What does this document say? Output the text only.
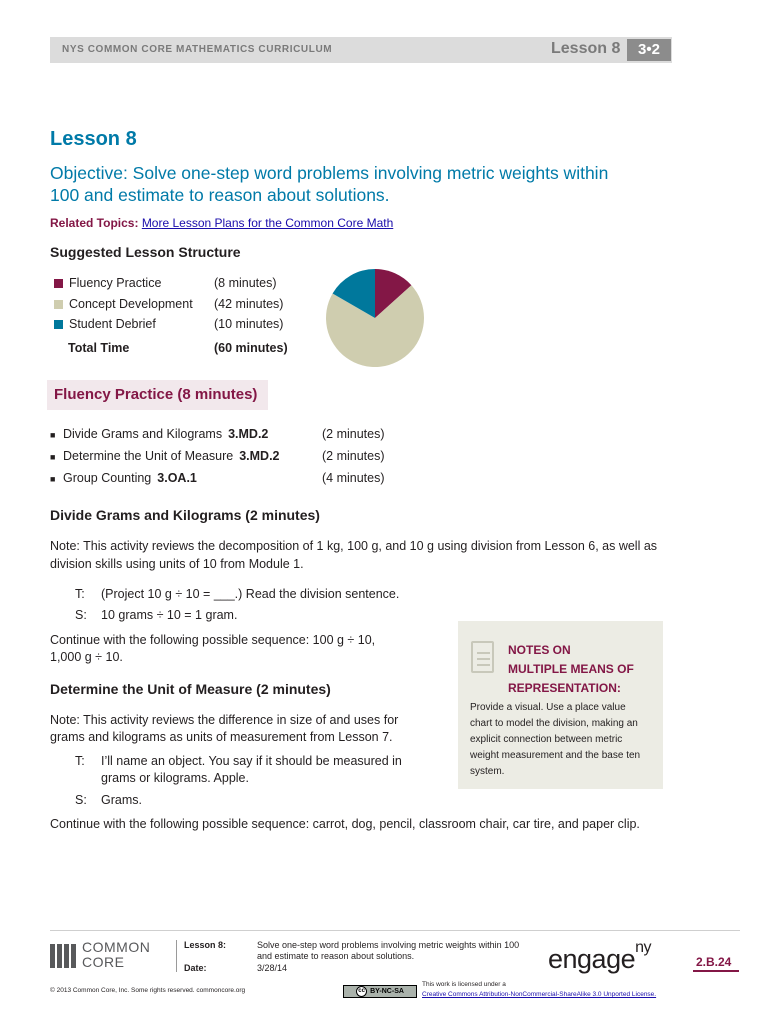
NYS COMMON CORE MATHEMATICS CURRICULUM	Lesson 8	3•2
Lesson 8
Objective: Solve one-step word problems involving metric weights within
100 and estimate to reason about solutions.
Related Topics: More Lesson Plans for the Common Core Math
Suggested Lesson Structure
Fluency Practice	(8 minutes)
Concept Development	(42 minutes)
Student Debrief	(10 minutes)
Total Time	(60 minutes)
Fluency Practice (8 minutes)
■ Divide Grams and Kilograms 3.MD.2	(2 minutes)
■ Determine the Unit of Measure 3.MD.2	(2 minutes)
■ Group Counting 3.OA.1	(4 minutes)
Divide Grams and Kilograms (2 minutes)
Note: This activity reviews the decomposition of 1 kg, 100 g, and 10 g using division from Lesson 6, as well as
division skills using units of 10 from Module 1.
T: (Project 10 g ÷ 10 = ___.) Read the division sentence.
S: 10 grams ÷ 10 = 1 gram.
Continue with the following possible sequence: 100 g ÷ 10,
1,000 g ÷ 10.
Determine the Unit of Measure (2 minutes)
Note: This activity reviews the difference in size of and uses for
grams and kilograms as units of measurement from Lesson 7.
T: I’ll name an object. You say if it should be measured in
grams or kilograms. Apple.
S: Grams.
Continue with the following possible sequence: carrot, dog, pencil, classroom chair, car tire, and paper clip.
NOTES ON
MULTIPLE MEANS OF
REPRESENTATION:
Provide a visual. Use a place value
chart to model the division, making an
explicit connection between metric
weight measurement and the base ten
system.
COMMON
CORE
Lesson 8:
Date:
Solve one-step word problems involving metric weights within 100
and estimate to reason about solutions.
3/28/14	engage$^{ny}$
2.B.24
© 2013 Common Core, Inc. Some rights reserved. commoncore.org	cc BY-NC-SA
This work is licensed under a
Creative Commons Attribution-NonCommercial-ShareAlike 3.0 Unported License.
